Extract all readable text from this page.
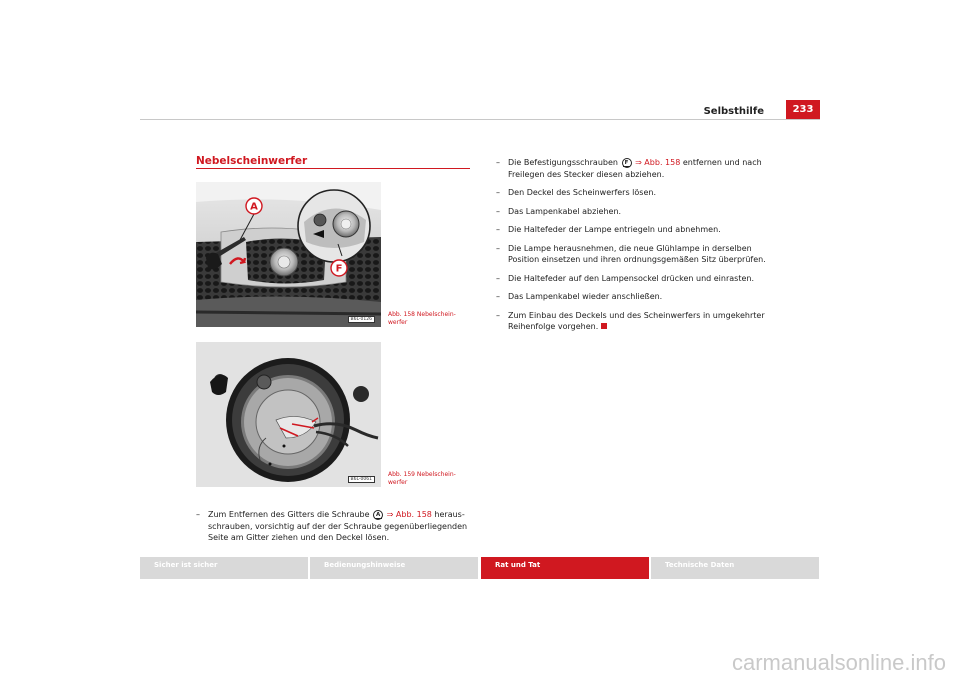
Selbsthilfe	233
Nebelscheinwerfer
A
F
B6L-0126
Abb. 158 Nebelschein-
werfer
B6L-0061
Abb. 159 Nebelschein-
werfer
– Zum Entfernen des Gitters die Schraube A ⇒ Abb. 158 heraus-
schrauben, vorsichtig auf der der Schraube gegenüberliegenden
Seite am Gitter ziehen und den Deckel lösen.
– Die Befestigungsschrauben F ⇒ Abb. 158 entfernen und nach
Freilegen des Stecker diesen abziehen.
– Den Deckel des Scheinwerfers lösen.
– Das Lampenkabel abziehen.
– Die Haltefeder der Lampe entriegeln und abnehmen.
– Die Lampe herausnehmen, die neue Glühlampe in derselben
Position einsetzen und ihren ordnungsgemäßen Sitz überprüfen.
– Die Haltefeder auf den Lampensockel drücken und einrasten.
– Das Lampenkabel wieder anschließen.
– Zum Einbau des Deckels und des Scheinwerfers in umgekehrter
Reihenfolge vorgehen.
Sicher ist sicher	Bedienungshinweise	Rat und Tat	Technische Daten
carmanualsonline.info
